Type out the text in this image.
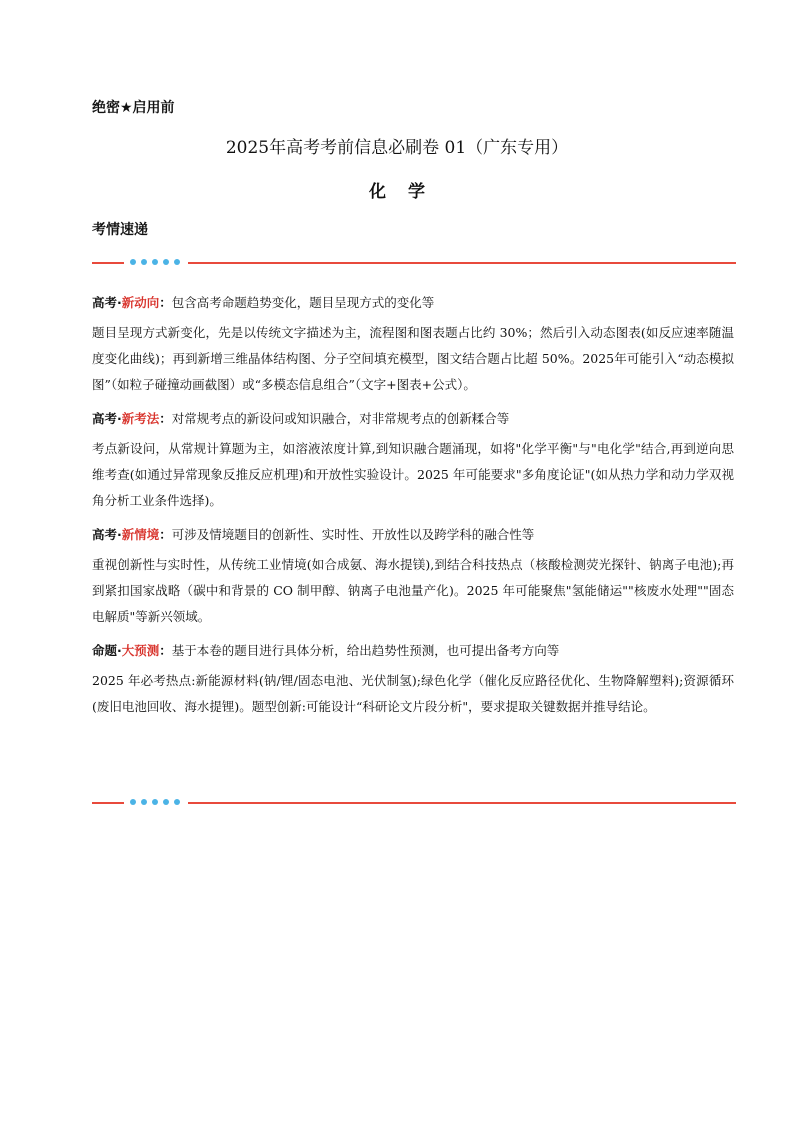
绝密★启用前
2025年高考考前信息必刷卷 01（广东专用）
化学
考情速递

高考·新动向：包含高考命题趋势变化，题目呈现方式的变化等

题目呈现方式新变化，先是以传统文字描述为主，流程图和图表题占比约 30%；然后引入动态图表(如反应速率随温度变化曲线)；再到新增三维晶体结构图、分子空间填充模型，图文结合题占比超 50%。2025年可能引入“动态模拟图”（如粒子碰撞动画截图）或“多模态信息组合”（文字+图表+公式）。

高考·新考法：对常规考点的新设问或知识融合，对非常规考点的创新糅合等

考点新设问，从常规计算题为主，如溶液浓度计算,到知识融合题涌现，如将"化学平衡"与"电化学"结合,再到逆向思维考查(如通过异常现象反推反应机理)和开放性实验设计。2025 年可能要求"多角度论证"(如从热力学和动力学双视角分析工业条件选择)。

高考·新情境：可涉及情境题目的创新性、实时性、开放性以及跨学科的融合性等

重视创新性与实时性，从传统工业情境(如合成氨、海水提镁),到结合科技热点（核酸检测荧光探针、钠离子电池);再到紧扣国家战略（碳中和背景的 CO 制甲醇、钠离子电池量产化)。2025 年可能聚焦"氢能储运""核废水处理""固态电解质"等新兴领域。

命题·大预测：基于本卷的题目进行具体分析，给出趋势性预测，也可提出备考方向等

2025 年必考热点:新能源材料(钠/锂/固态电池、光伏制氢);绿色化学（催化反应路径优化、生物降解塑料);资源循环(废旧电池回收、海水提锂)。题型创新:可能设计“科研论文片段分析"，要求提取关键数据并推导结论。
